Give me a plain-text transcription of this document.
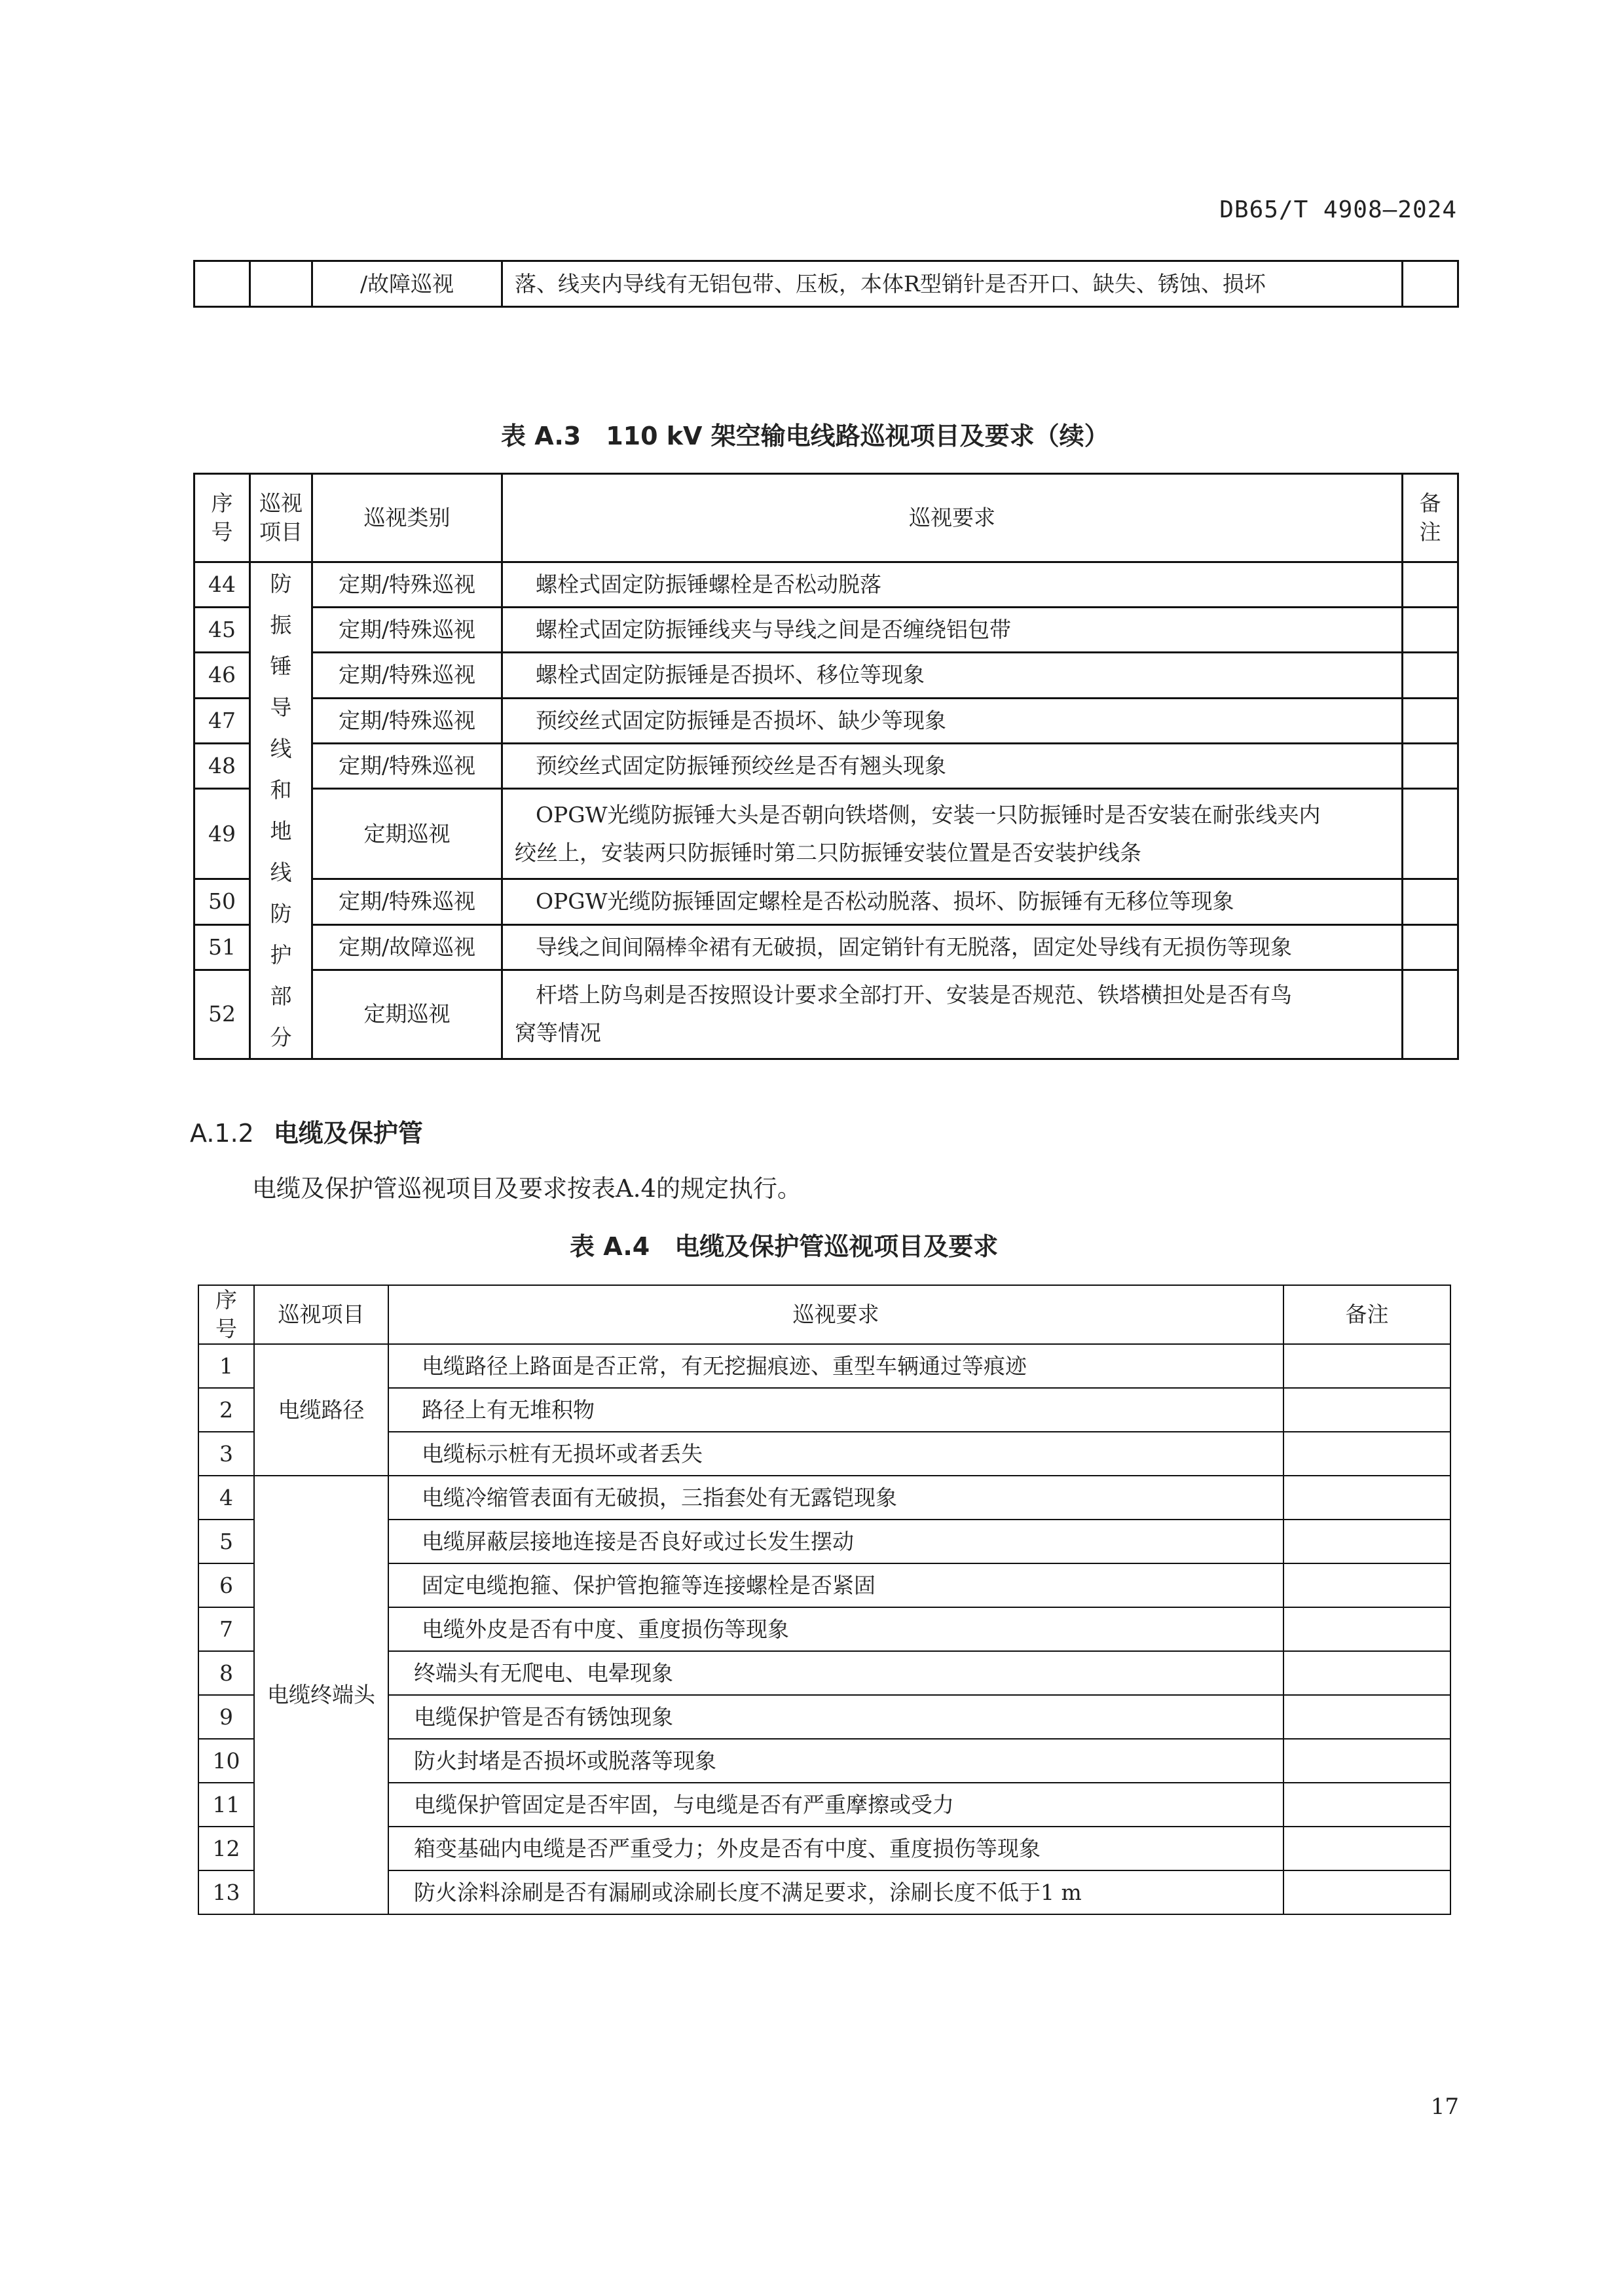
DB65/T 4908—2024
		/故障巡视	落、线夹内导线有无铝包带、压板，本体R型销针是否开口、缺失、锈蚀、损坏	
表 A.3　110 kV 架空输电线路巡视项目及要求（续）
序号	巡视项目	巡视类别	巡视要求	备注
44	防振锤导线和地线防护部分	定期/特殊巡视	螺栓式固定防振锤螺栓是否松动脱落	
45		定期/特殊巡视	螺栓式固定防振锤线夹与导线之间是否缠绕铝包带	
46		定期/特殊巡视	螺栓式固定防振锤是否损坏、移位等现象	
47		定期/特殊巡视	预绞丝式固定防振锤是否损坏、缺少等现象	
48		定期/特殊巡视	预绞丝式固定防振锤预绞丝是否有翘头现象	
49		定期巡视	OPGW光缆防振锤大头是否朝向铁塔侧，安装一只防振锤时是否安装在耐张线夹内
绞丝上，安装两只防振锤时第二只防振锤安装位置是否安装护线条	

50		定期/特殊巡视	OPGW光缆防振锤固定螺栓是否松动脱落、损坏、防振锤有无移位等现象	
51		定期/故障巡视	导线之间间隔棒伞裙有无破损，固定销针有无脱落，固定处导线有无损伤等现象	
52		定期巡视	杆塔上防鸟刺是否按照设计要求全部打开、安装是否规范、铁塔横担处是否有鸟
窝等情况	

A.1.2 电缆及保护管
电缆及保护管巡视项目及要求按表A.4的规定执行。
表 A.4　电缆及保护管巡视项目及要求
序号	巡视项目	巡视要求	备注
1	电缆路径	电缆路径上路面是否正常，有无挖掘痕迹、重型车辆通过等痕迹	
2		路径上有无堆积物	
3		电缆标示桩有无损坏或者丢失	
4	电缆终端头	电缆冷缩管表面有无破损，三指套处有无露铠现象	
5		电缆屏蔽层接地连接是否良好或过长发生摆动	
6		固定电缆抱箍、保护管抱箍等连接螺栓是否紧固	
7		电缆外皮是否有中度、重度损伤等现象	
8		终端头有无爬电、电晕现象	
9		电缆保护管是否有锈蚀现象	
10		防火封堵是否损坏或脱落等现象	
11		电缆保护管固定是否牢固，与电缆是否有严重摩擦或受力	
12		箱变基础内电缆是否严重受力；外皮是否有中度、重度损伤等现象	
13		防火涂料涂刷是否有漏刷或涂刷长度不满足要求，涂刷长度不低于1 m	
17
